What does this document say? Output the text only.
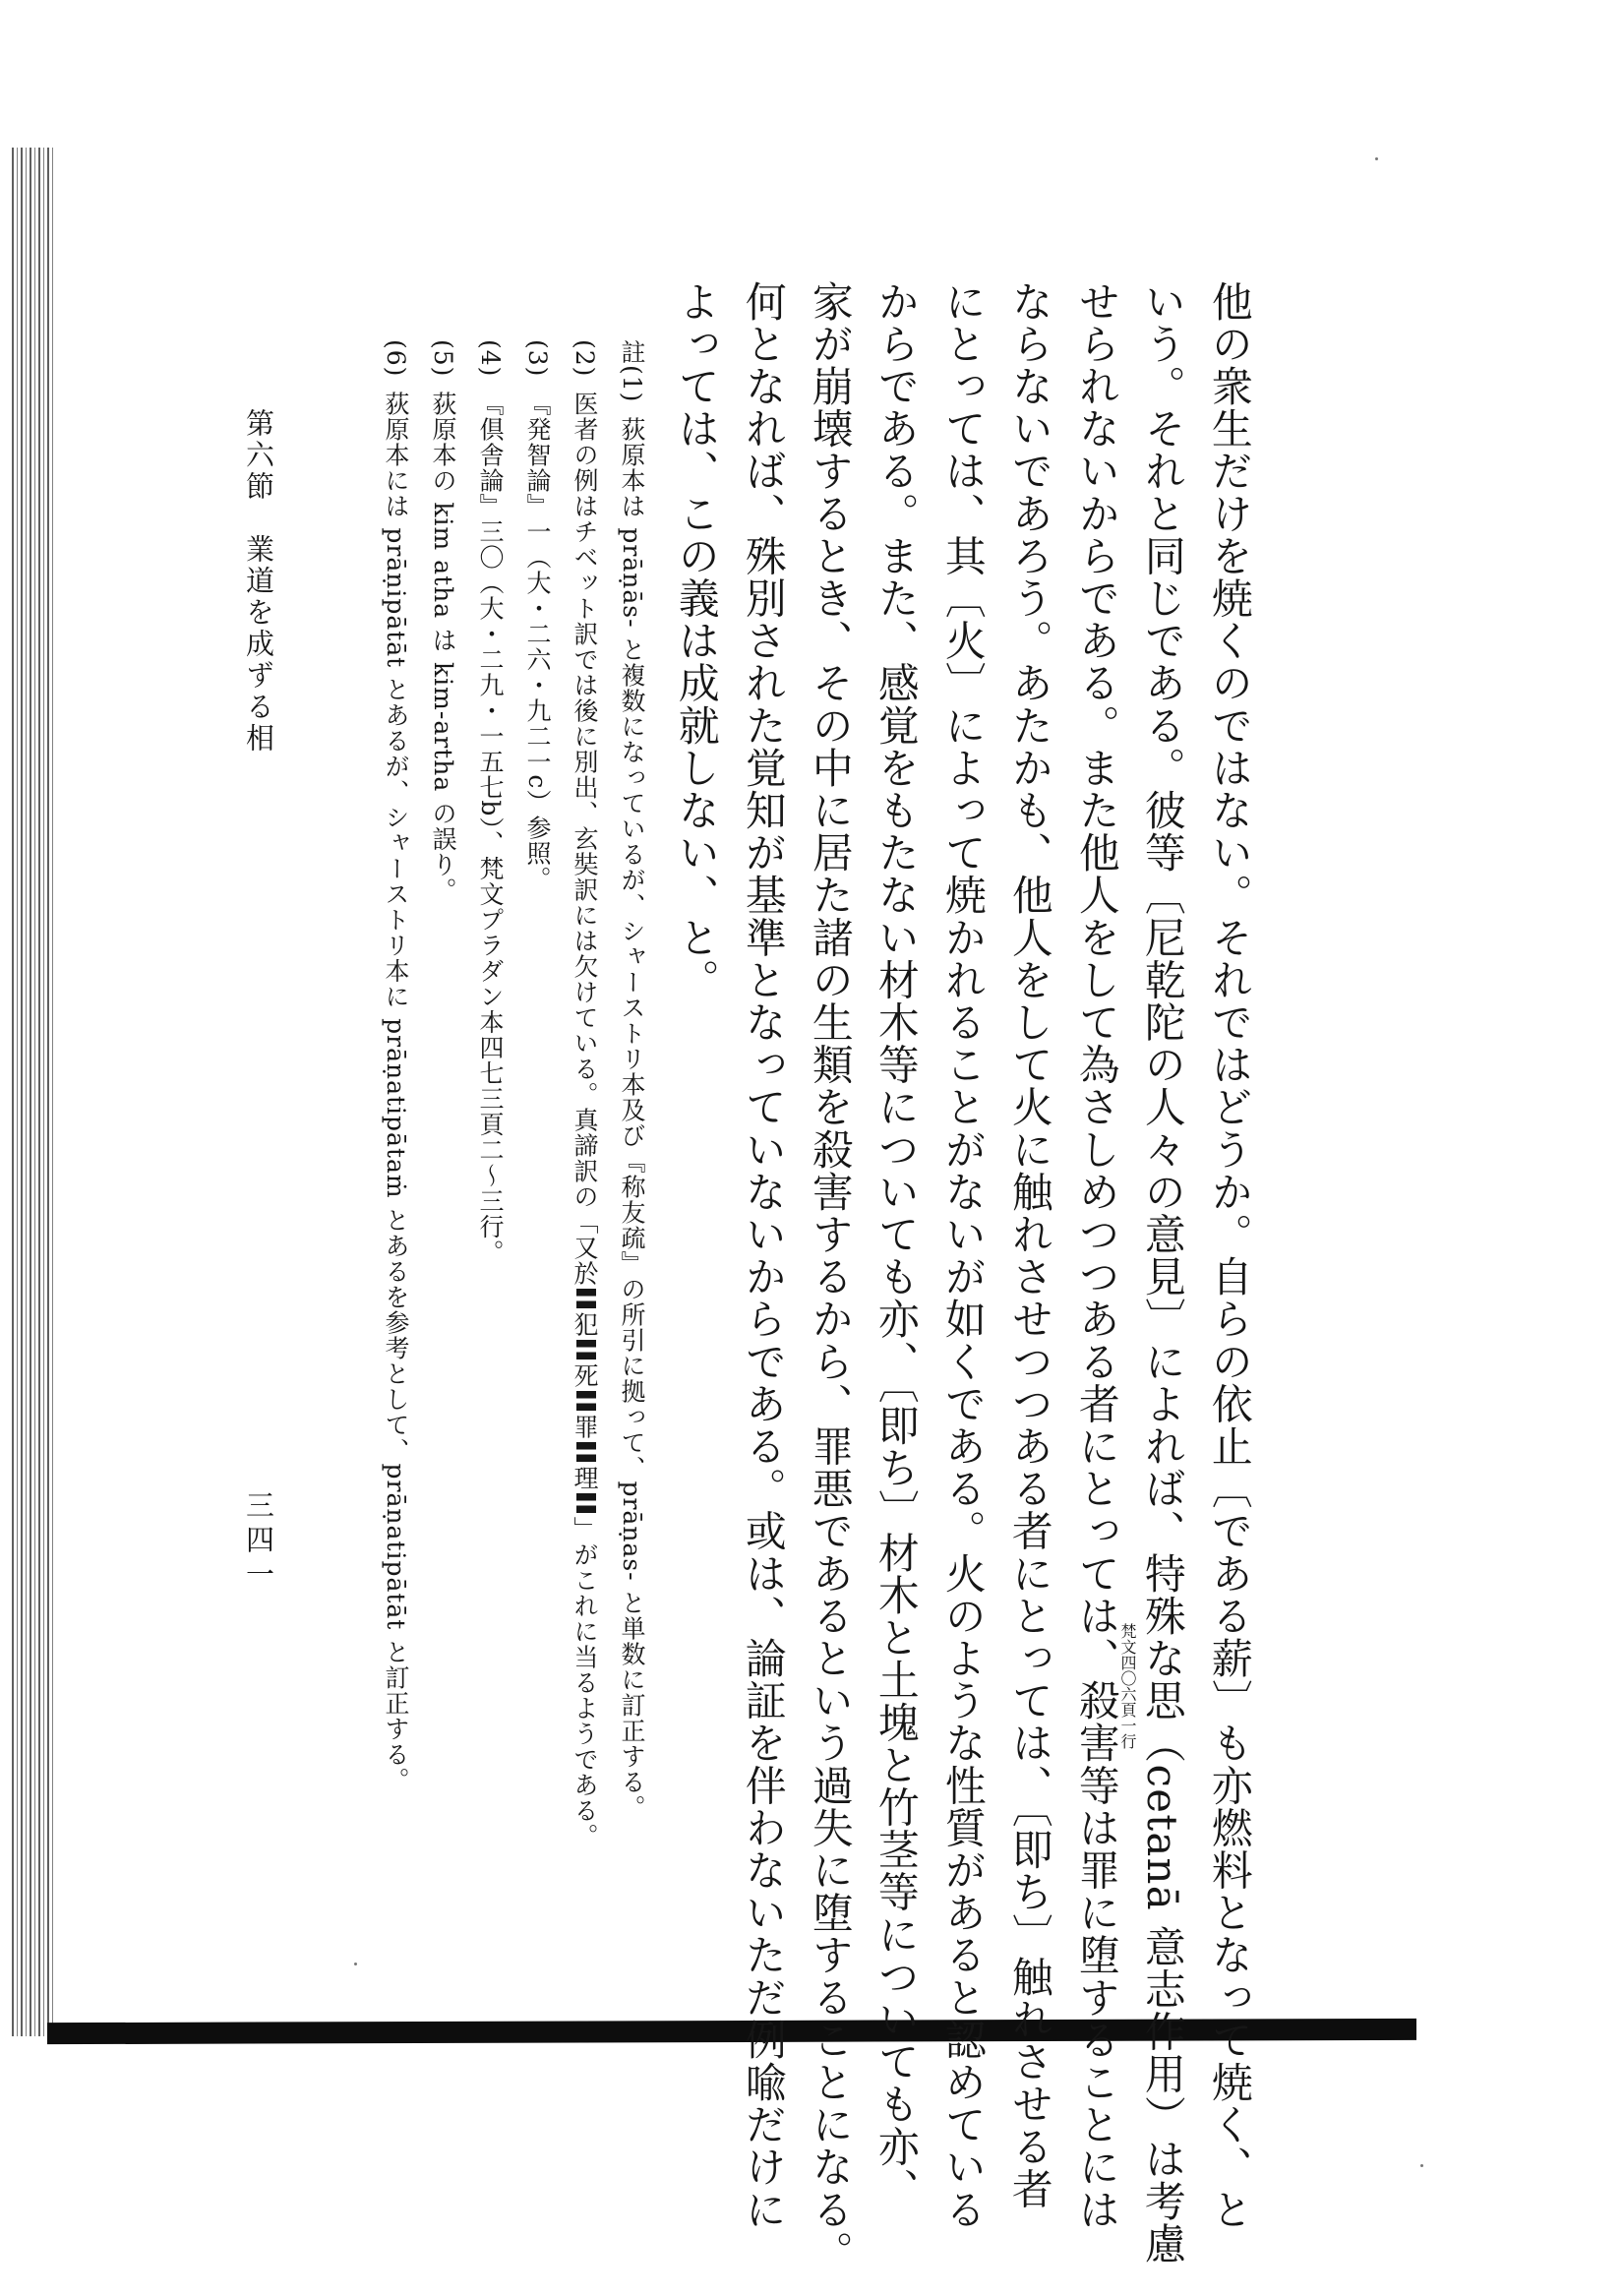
他の衆生だけを焼くのではない。それではどうか。自らの依止〔である薪〕も亦燃料となって焼く、と
いう。それと同じである。彼等〔尼乾陀の人々の意見〕によれば、特殊な思（cetanā 意志作用）は考慮
せられないからである。また他人をして為さしめつつある者にとっては、殺害等は罪に堕することには
梵文四〇六頁一行
ならないであろう。あたかも、他人をして火に触れさせつつある者にとっては、〔即ち〕触れさせる者
にとっては、其〔火〕によって焼かれることがないが如くである。火のような性質があると認めている
からである。また、感覚をもたない材木等についても亦、〔即ち〕材木と土塊と竹茎等についても亦、
家が崩壊するとき、その中に居た諸の生類を殺害するから、罪悪であるという過失に堕することになる。
何となれば、殊別された覚知が基準となっていないからである。或は、論証を伴わないただ例喩だけに
よっては、この義は成就しない、と。
註(1)荻原本は prāṇās- と複数になっているが、シャーストリ本及び『称友疏』の所引に拠って、prāṇas- と単数に訂正する。
(2)医者の例はチベット訳では後に別出、玄奘訳には欠けている。真諦訳の「又於〓犯〓死〓罪〓理〓」がこれに当るようである。
(3)『発智論』一（大・二六・九二一c）参照。
(4)『倶舎論』三〇（大・二九・一五七b）、梵文プラダン本四七三頁二〜三行。
(5)荻原本の kim atha は kim-artha の誤り。
(6)荻原本には prāṇipātāt とあるが、シャーストリ本に prāṇatipātaṁ とあるを参考として、prāṇatipātāt と訂正する。
第六節　業道を成ずる相
三四一
